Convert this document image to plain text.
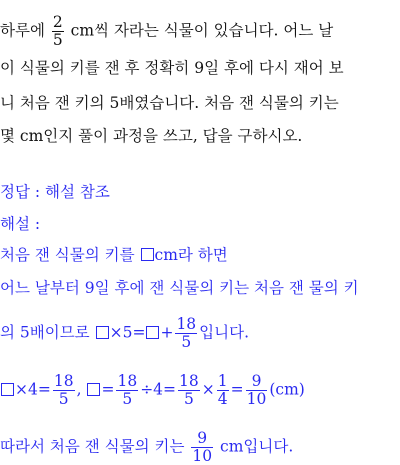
하루에 $\frac{2}{5}$ cm씩 자라는 식물이 있습니다. 어느 날
이 식물의 키를 잰 후 정확히 9일 후에 다시 재어 보
니 처음 잰 키의 5배였습니다. 처음 잰 식물의 키는
몇 cm인지 풀이 과정을 쓰고, 답을 구하시오.
정답 : 해설 참조
해설 :
처음 잰 식물의 키를 cm라 하면
어느 날부터 9일 후에 잰 식물의 키는 처음 잰 물의 키
의 5배이므로 $\times 5= + \frac{18}{5}$ 입니다.
$\times 4= \frac{18}{5}$ , = $\frac{18}{5} \div 4= \frac{18}{5} \times \frac{1}{4} = \frac{9}{10} (cm)$
따라서 처음 잰 식물의 키는 $\frac{9}{10}$ cm입니다.
